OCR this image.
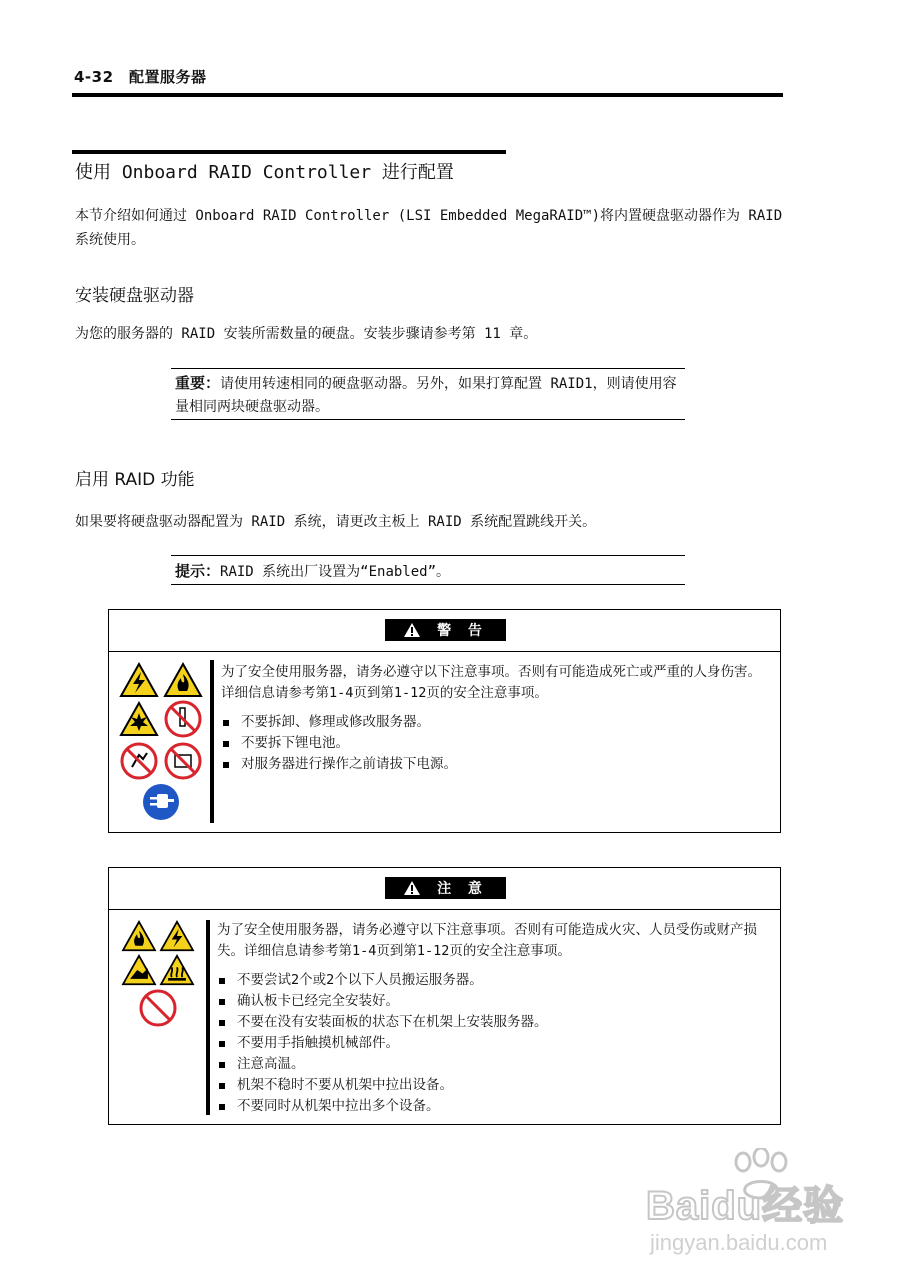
4-32　配置服务器
使用 Onboard RAID Controller 进行配置
本节介绍如何通过 Onboard RAID Controller (LSI Embedded MegaRAID™)将内置硬盘驱动器作为 RAID 系统使用。
安装硬盘驱动器
为您的服务器的 RAID 安装所需数量的硬盘。安装步骤请参考第 11 章。
重要：请使用转速相同的硬盘驱动器。另外，如果打算配置 RAID1，则请使用容量相同两块硬盘驱动器。
启用 RAID 功能
如果要将硬盘驱动器配置为 RAID 系统，请更改主板上 RAID 系统配置跳线开关。
提示：RAID 系统出厂设置为“Enabled”。
警 告
为了安全使用服务器，请务必遵守以下注意事项。否则有可能造成死亡或严重的人身伤害。详细信息请参考第1-4页到第1-12页的安全注意事项。
不要拆卸、修理或修改服务器。
不要拆下锂电池。
对服务器进行操作之前请拔下电源。
注 意
为了安全使用服务器，请务必遵守以下注意事项。否则有可能造成火灾、人员受伤或财产损失。详细信息请参考第1-4页到第1-12页的安全注意事项。
不要尝试2个或2个以下人员搬运服务器。
确认板卡已经完全安装好。
不要在没有安装面板的状态下在机架上安装服务器。
不要用手指触摸机械部件。
注意高温。
机架不稳时不要从机架中拉出设备。
不要同时从机架中拉出多个设备。
Baidu经验
jingyan.baidu.com
